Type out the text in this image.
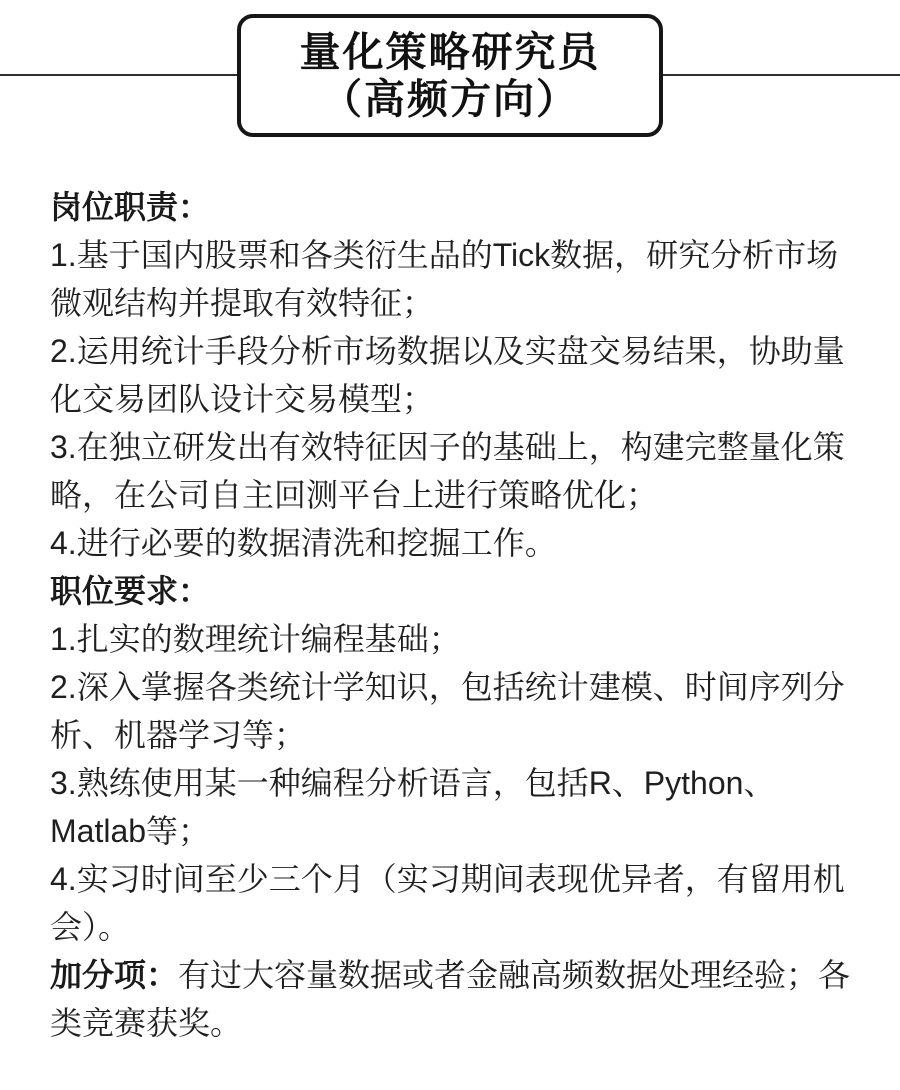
量化策略研究员
（高频方向）

岗位职责：

1.基于国内股票和各类衍生品的Tick数据，研究分析市场微观结构并提取有效特征；

2.运用统计手段分析市场数据以及实盘交易结果，协助量化交易团队设计交易模型；

3.在独立研发出有效特征因子的基础上，构建完整量化策略，在公司自主回测平台上进行策略优化；

4.进行必要的数据清洗和挖掘工作。

职位要求：

1.扎实的数理统计编程基础；

2.深入掌握各类统计学知识，包括统计建模、时间序列分析、机器学习等；

3.熟练使用某一种编程分析语言，包括R、Python、Matlab等；

4.实习时间至少三个月（实习期间表现优异者，有留用机会）。

加分项：有过大容量数据或者金融高频数据处理经验；各类竞赛获奖。
